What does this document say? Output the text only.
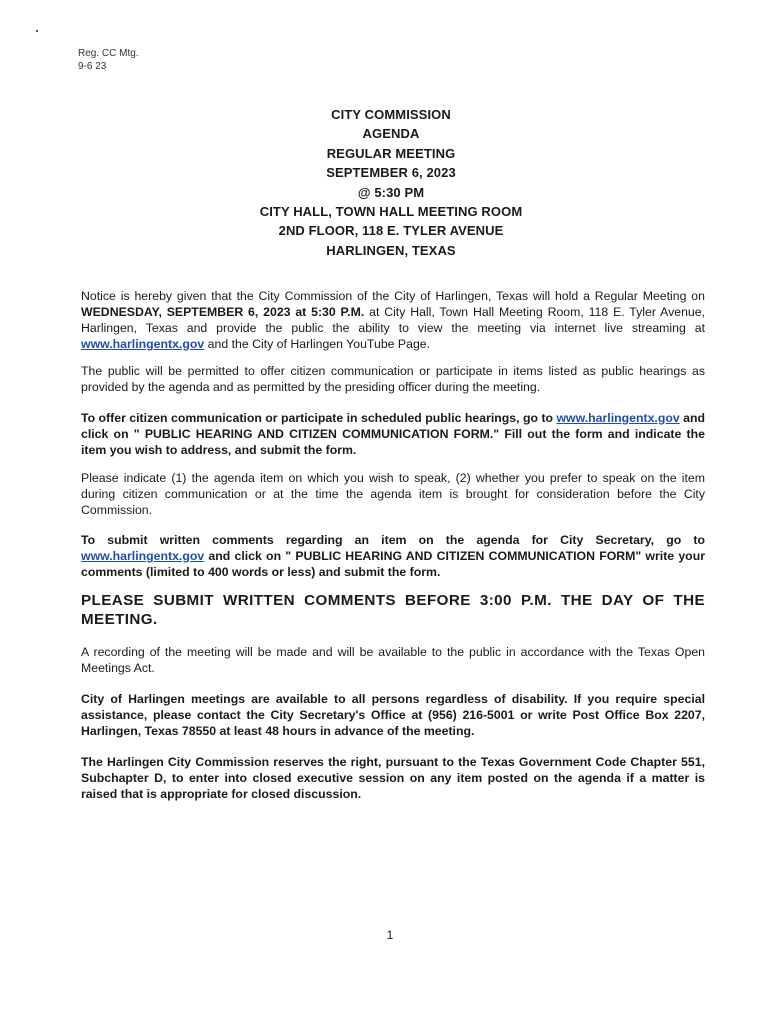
Reg. CC Mtg.
9-6 23
CITY COMMISSION
AGENDA
REGULAR MEETING
SEPTEMBER 6, 2023
@ 5:30 PM
CITY HALL, TOWN HALL MEETING ROOM
2ND FLOOR, 118 E. TYLER AVENUE
HARLINGEN, TEXAS

Notice is hereby given that the City Commission of the City of Harlingen, Texas will hold a Regular Meeting on WEDNESDAY, SEPTEMBER 6, 2023 at 5:30 P.M. at City Hall, Town Hall Meeting Room, 118 E. Tyler Avenue, Harlingen, Texas and provide the public the ability to view the meeting via internet live streaming at www.harlingentx.gov and the City of Harlingen YouTube Page.

The public will be permitted to offer citizen communication or participate in items listed as public hearings as provided by the agenda and as permitted by the presiding officer during the meeting.

To offer citizen communication or participate in scheduled public hearings, go to www.harlingentx.gov and click on " PUBLIC HEARING AND CITIZEN COMMUNICATION FORM." Fill out the form and indicate the item you wish to address, and submit the form.

Please indicate (1) the agenda item on which you wish to speak, (2) whether you prefer to speak on the item during citizen communication or at the time the agenda item is brought for consideration before the City Commission.

To submit written comments regarding an item on the agenda for City Secretary, go to www.harlingentx.gov and click on " PUBLIC HEARING AND CITIZEN COMMUNICATION FORM" write your comments (limited to 400 words or less) and submit the form.

PLEASE SUBMIT WRITTEN COMMENTS BEFORE 3:00 P.M. THE DAY OF THE MEETING.

A recording of the meeting will be made and will be available to the public in accordance with the Texas Open Meetings Act.

City of Harlingen meetings are available to all persons regardless of disability. If you require special assistance, please contact the City Secretary's Office at (956) 216-5001 or write Post Office Box 2207, Harlingen, Texas 78550 at least 48 hours in advance of the meeting.

The Harlingen City Commission reserves the right, pursuant to the Texas Government Code Chapter 551, Subchapter D, to enter into closed executive session on any item posted on the agenda if a matter is raised that is appropriate for closed discussion.

1
